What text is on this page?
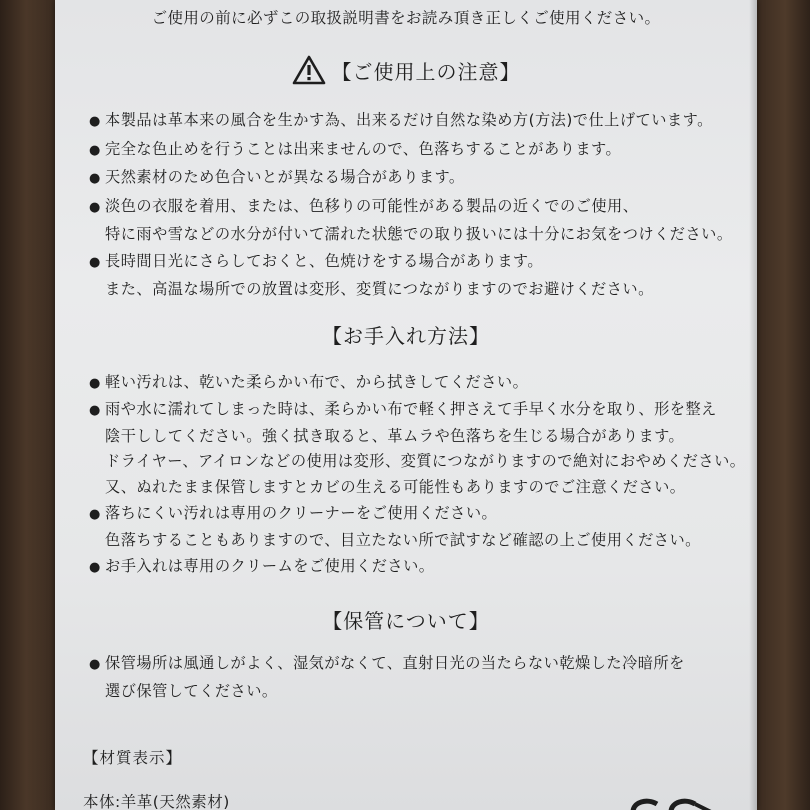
ご使用の前に必ずこの取扱説明書をお読み頂き正しくご使用ください。
【ご使用上の注意】
● 本製品は革本来の風合を生かす為、出来るだけ自然な染め方(方法)で仕上げています。
● 完全な色止めを行うことは出来ませんので、色落ちすることがあります。
● 天然素材のため色合いとが異なる場合があります。
● 淡色の衣服を着用、または、色移りの可能性がある製品の近くでのご使用、
特に雨や雪などの水分が付いて濡れた状態での取り扱いには十分にお気をつけください。
● 長時間日光にさらしておくと、色焼けをする場合があります。
また、高温な場所での放置は変形、変質につながりますのでお避けください。
【お手入れ方法】
● 軽い汚れは、乾いた柔らかい布で、から拭きしてください。
● 雨や水に濡れてしまった時は、柔らかい布で軽く押さえて手早く水分を取り、形を整え
陰干ししてください。強く拭き取ると、革ムラや色落ちを生じる場合があります。
ドライヤー、アイロンなどの使用は変形、変質につながりますので絶対におやめください。
又、ぬれたまま保管しますとカビの生える可能性もありますのでご注意ください。
● 落ちにくい汚れは専用のクリーナーをご使用ください。
色落ちすることもありますので、目立たない所で試すなど確認の上ご使用ください。
● お手入れは専用のクリームをご使用ください。
【保管について】
● 保管場所は風通しがよく、湿気がなくて、直射日光の当たらない乾燥した冷暗所を
選び保管してください。
【材質表示】
本体:羊革(天然素材)
